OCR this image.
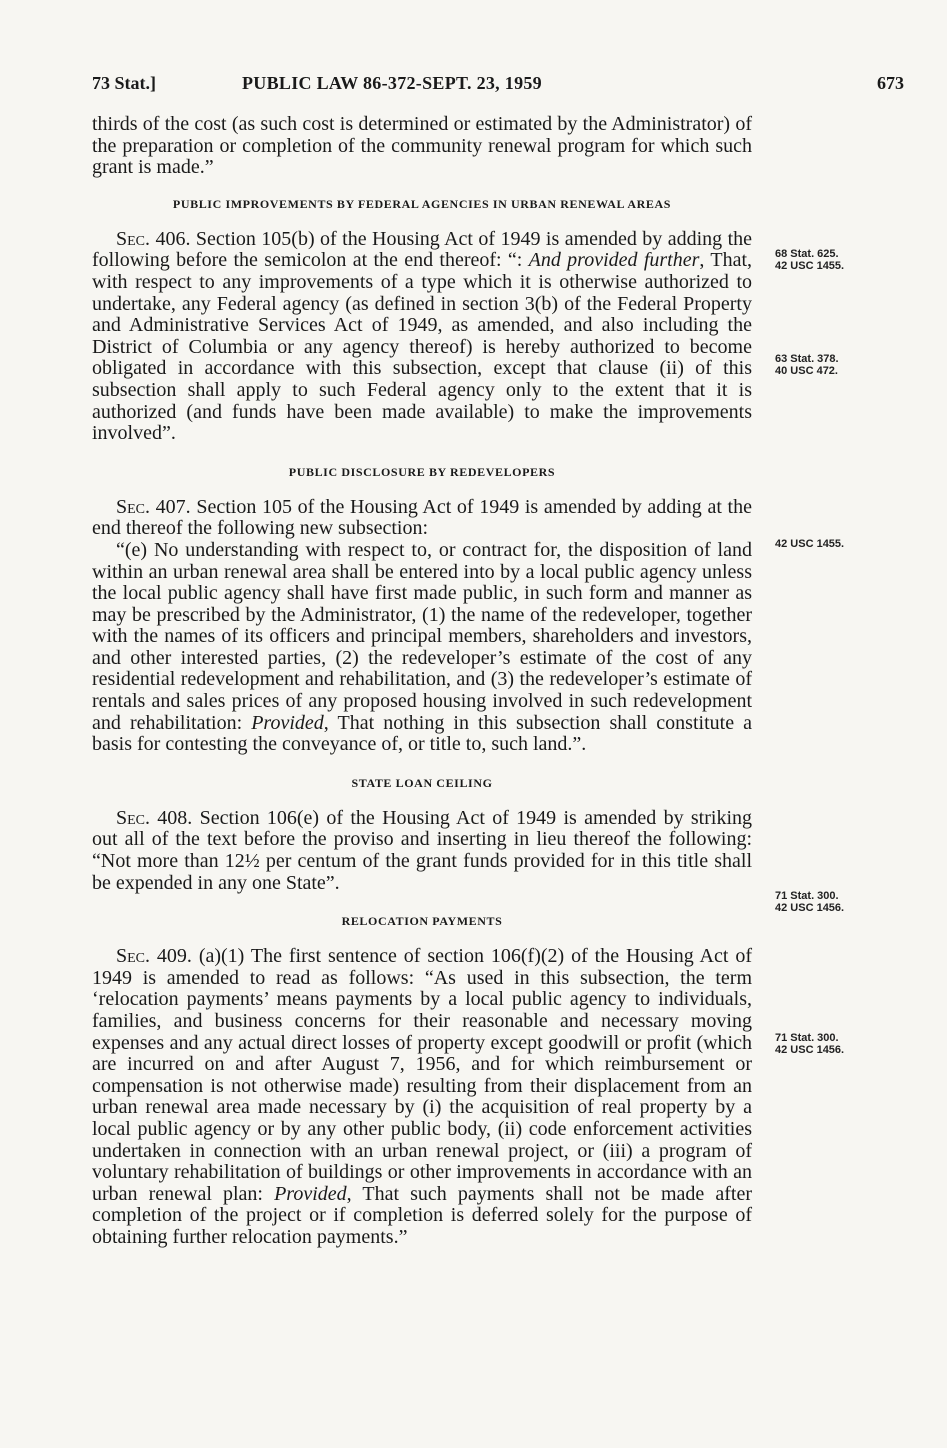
73 Stat.]	PUBLIC LAW 86-372-SEPT. 23, 1959	673

thirds of the cost (as such cost is determined or estimated by the Administrator) of the preparation or completion of the community renewal program for which such grant is made.”

PUBLIC IMPROVEMENTS BY FEDERAL AGENCIES IN URBAN RENEWAL AREAS

Sec. 406. Section 105(b) of the Housing Act of 1949 is amended by adding the following before the semicolon at the end thereof: “: And provided further, That, with respect to any improvements of a type which it is otherwise authorized to undertake, any Federal agency (as defined in section 3(b) of the Federal Property and Administrative Services Act of 1949, as amended, and also including the District of Columbia or any agency thereof) is hereby authorized to become obligated in accordance with this subsection, except that clause (ii) of this subsection shall apply to such Federal agency only to the extent that it is authorized (and funds have been made available) to make the improvements involved”.

PUBLIC DISCLOSURE BY REDEVELOPERS

Sec. 407. Section 105 of the Housing Act of 1949 is amended by adding at the end thereof the following new subsection:

“(e) No understanding with respect to, or contract for, the disposition of land within an urban renewal area shall be entered into by a local public agency unless the local public agency shall have first made public, in such form and manner as may be prescribed by the Administrator, (1) the name of the redeveloper, together with the names of its officers and principal members, shareholders and investors, and other interested parties, (2) the redeveloper’s estimate of the cost of any residential redevelopment and rehabilitation, and (3) the redeveloper’s estimate of rentals and sales prices of any proposed housing involved in such redevelopment and rehabilitation: Provided, That nothing in this subsection shall constitute a basis for contesting the conveyance of, or title to, such land.”.

STATE LOAN CEILING

Sec. 408. Section 106(e) of the Housing Act of 1949 is amended by striking out all of the text before the proviso and inserting in lieu thereof the following: “Not more than 12½ per centum of the grant funds provided for in this title shall be expended in any one State”.

RELOCATION PAYMENTS

Sec. 409. (a)(1) The first sentence of section 106(f)(2) of the Housing Act of 1949 is amended to read as follows: “As used in this subsection, the term ‘relocation payments’ means payments by a local public agency to individuals, families, and business concerns for their reasonable and necessary moving expenses and any actual direct losses of property except goodwill or profit (which are incurred on and after August 7, 1956, and for which reimbursement or compensation is not otherwise made) resulting from their displacement from an urban renewal area made necessary by (i) the acquisition of real property by a local public agency or by any other public body, (ii) code enforcement activities undertaken in connection with an urban renewal project, or (iii) a program of voluntary rehabilitation of buildings or other improvements in accordance with an urban renewal plan: Provided, That such payments shall not be made after completion of the project or if completion is deferred solely for the purpose of obtaining further relocation payments.”

68 Stat. 625.
42 USC 1455.
63 Stat. 378.
40 USC 472.
42 USC 1455.
71 Stat. 300.
42 USC 1456.
71 Stat. 300.
42 USC 1456.
